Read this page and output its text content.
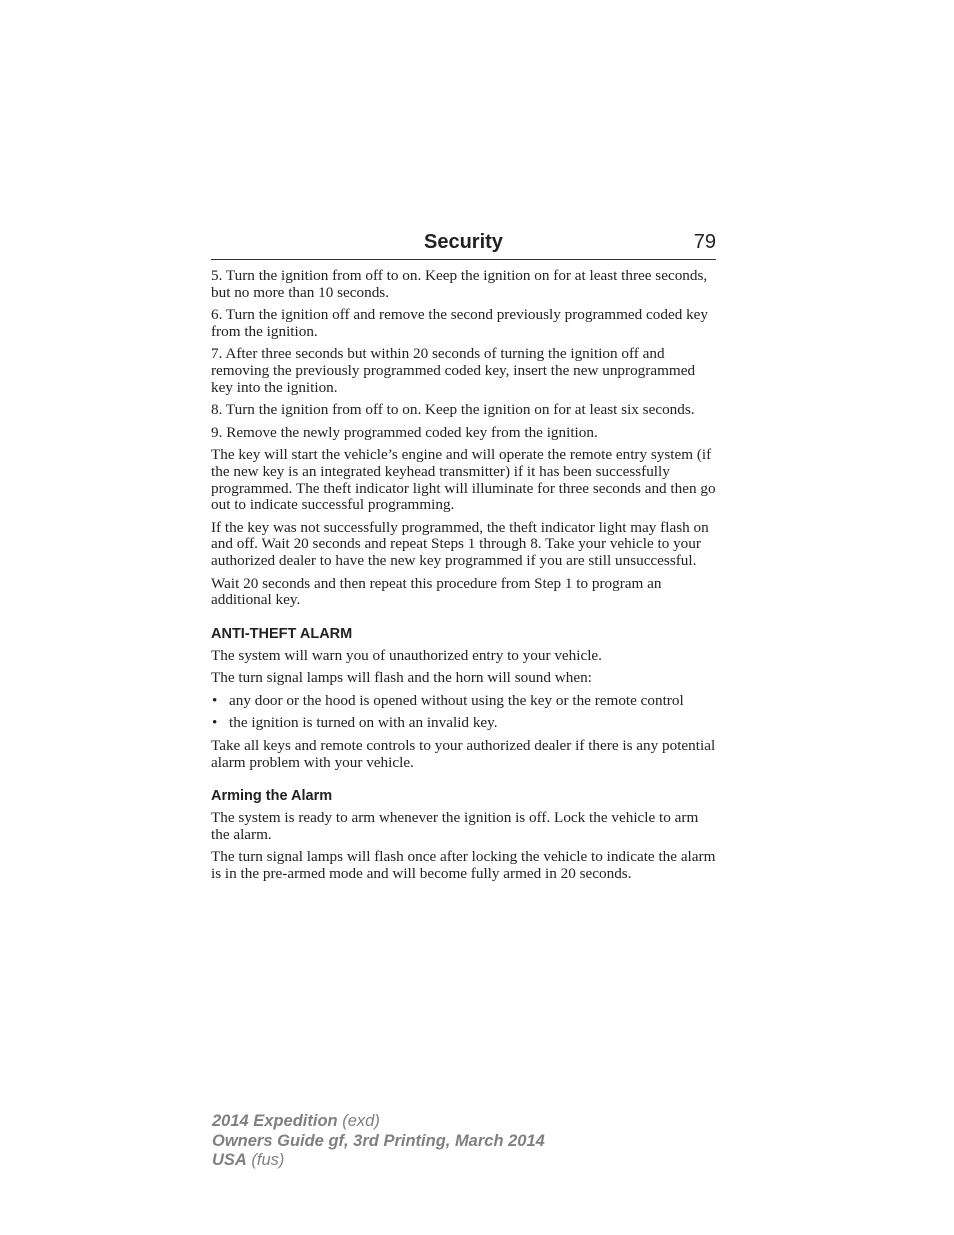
Security	79

5. Turn the ignition from off to on. Keep the ignition on for at least three seconds, but no more than 10 seconds.

6. Turn the ignition off and remove the second previously programmed coded key from the ignition.

7. After three seconds but within 20 seconds of turning the ignition off and removing the previously programmed coded key, insert the new unprogrammed key into the ignition.

8. Turn the ignition from off to on. Keep the ignition on for at least six seconds.

9. Remove the newly programmed coded key from the ignition.

The key will start the vehicle’s engine and will operate the remote entry system (if the new key is an integrated keyhead transmitter) if it has been successfully programmed. The theft indicator light will illuminate for three seconds and then go out to indicate successful programming.

If the key was not successfully programmed, the theft indicator light may flash on and off. Wait 20 seconds and repeat Steps 1 through 8. Take your vehicle to your authorized dealer to have the new key programmed if you are still unsuccessful.

Wait 20 seconds and then repeat this procedure from Step 1 to program an additional key.

ANTI-THEFT ALARM

The system will warn you of unauthorized entry to your vehicle.

The turn signal lamps will flash and the horn will sound when:

• any door or the hood is opened without using the key or the remote control
• the ignition is turned on with an invalid key.

Take all keys and remote controls to your authorized dealer if there is any potential alarm problem with your vehicle.

Arming the Alarm

The system is ready to arm whenever the ignition is off. Lock the vehicle to arm the alarm.

The turn signal lamps will flash once after locking the vehicle to indicate the alarm is in the pre-armed mode and will become fully armed in 20 seconds.

2014 Expedition (exd)
Owners Guide gf, 3rd Printing, March 2014
USA (fus)
